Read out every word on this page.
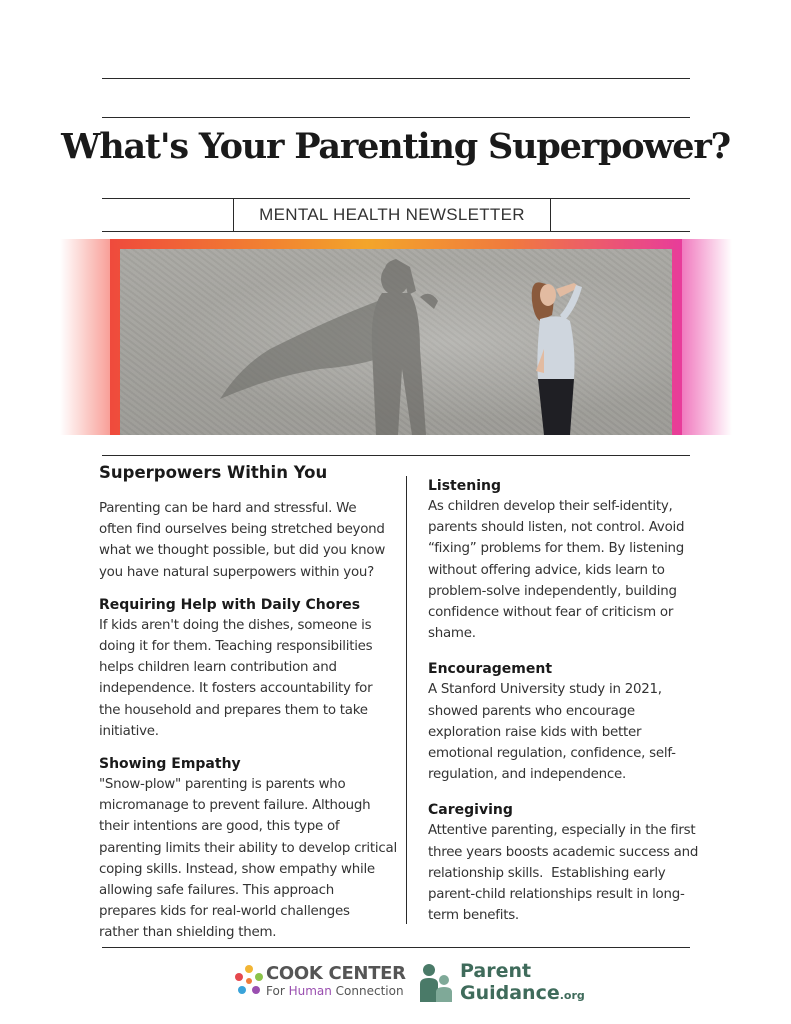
What's Your Parenting Superpower?
MENTAL HEALTH NEWSLETTER
Superpowers Within You
Parenting can be hard and stressful. We
often find ourselves being stretched beyond
what we thought possible, but did you know
you have natural superpowers within you?
Requiring Help with Daily Chores
If kids aren't doing the dishes, someone is
doing it for them. Teaching responsibilities
helps children learn contribution and
independence. It fosters accountability for
the household and prepares them to take
initiative.
Showing Empathy
"Snow-plow" parenting is parents who
micromanage to prevent failure. Although
their intentions are good, this type of
parenting limits their ability to develop critical
coping skills. Instead, show empathy while
allowing safe failures. This approach
prepares kids for real-world challenges
rather than shielding them.
Listening
As children develop their self-identity,
parents should listen, not control. Avoid
“fixing” problems for them. By listening
without offering advice, kids learn to
problem-solve independently, building
confidence without fear of criticism or
shame.
Encouragement
A Stanford University study in 2021,
showed parents who encourage
exploration raise kids with better
emotional regulation, confidence, self-
regulation, and independence.
Caregiving
Attentive parenting, especially in the first
three years boosts academic success and
relationship skills.  Establishing early
parent-child relationships result in long-
term benefits.
COOK CENTER
For Human Connection
Parent
Guidance.org
